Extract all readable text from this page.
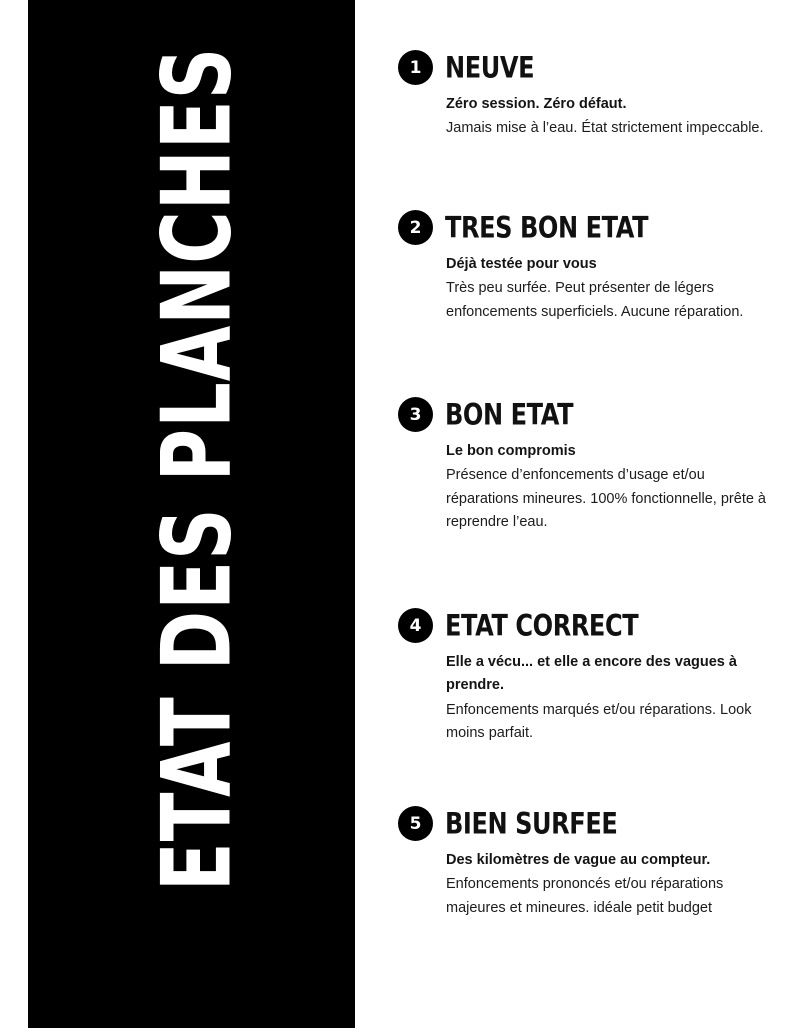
ETAT DES PLANCHES	1 NEUVE

Zéro session. Zéro défaut.

Jamais mise à l’eau. État strictement impeccable.

2 TRES BON ETAT

Déjà testée pour vous

Très peu surfée. Peut présenter de légers enfoncements superficiels. Aucune réparation.

3 BON ETAT

Le bon compromis

Présence d’enfoncements d’usage et/ou réparations mineures. 100% fonctionnelle, prête à reprendre l’eau.

4 ETAT CORRECT

Elle a vécu... et elle a encore des vagues à prendre.

Enfoncements marqués et/ou réparations. Look moins parfait.

5 BIEN SURFEE

Des kilomètres de vague au compteur.

Enfoncements prononcés et/ou réparations majeures et mineures. idéale petit budget
